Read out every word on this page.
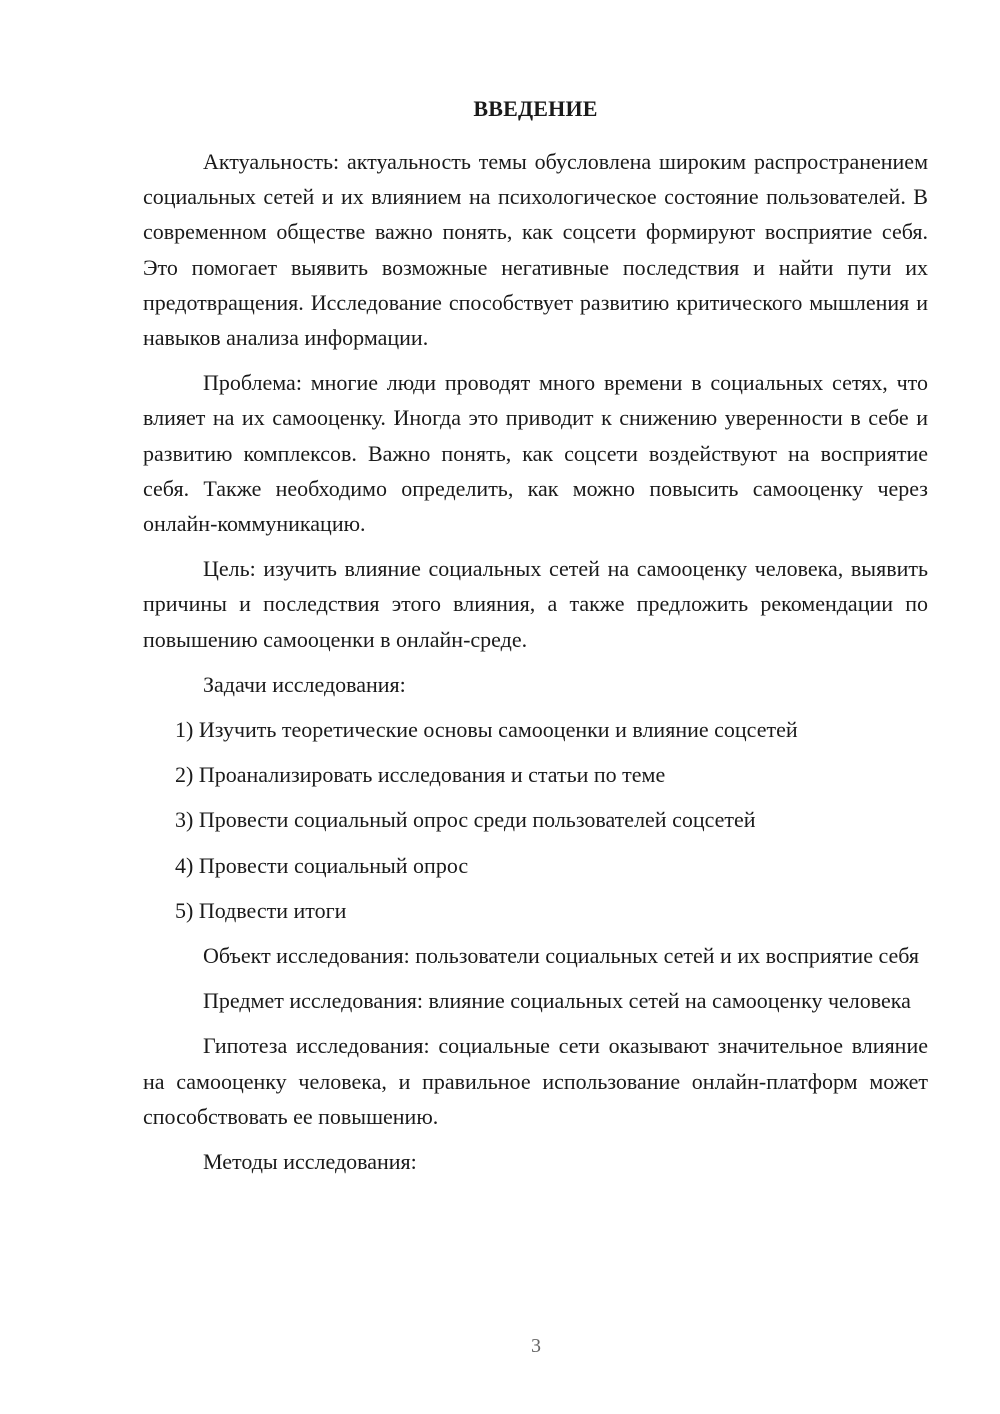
ВВЕДЕНИЕ

Актуальность: актуальность темы обусловлена широким распространением социальных сетей и их влиянием на психологическое состояние пользователей. В современном обществе важно понять, как соцсети формируют восприятие себя. Это помогает выявить возможные негативные последствия и найти пути их предотвращения. Исследование способствует развитию критического мышления и навыков анализа информации.

Проблема: многие люди проводят много времени в социальных сетях, что влияет на их самооценку. Иногда это приводит к снижению уверенности в себе и развитию комплексов. Важно понять, как соцсети воздействуют на восприятие себя. Также необходимо определить, как можно повысить самооценку через онлайн-коммуникацию.

Цель: изучить влияние социальных сетей на самооценку человека, выявить причины и последствия этого влияния, а также предложить рекомендации по повышению самооценки в онлайн-среде.

Задачи исследования:

1) Изучить теоретические основы самооценки и влияние соцсетей
2) Проанализировать исследования и статьи по теме
3) Провести социальный опрос среди пользователей соцсетей
4) Провести социальный опрос
5) Подвести итоги

Объект исследования: пользователи социальных сетей и их восприятие себя

Предмет исследования: влияние социальных сетей на самооценку человека

Гипотеза исследования: социальные сети оказывают значительное влияние на самооценку человека, и правильное использование онлайн-платформ может способствовать ее повышению.

Методы исследования:

3
